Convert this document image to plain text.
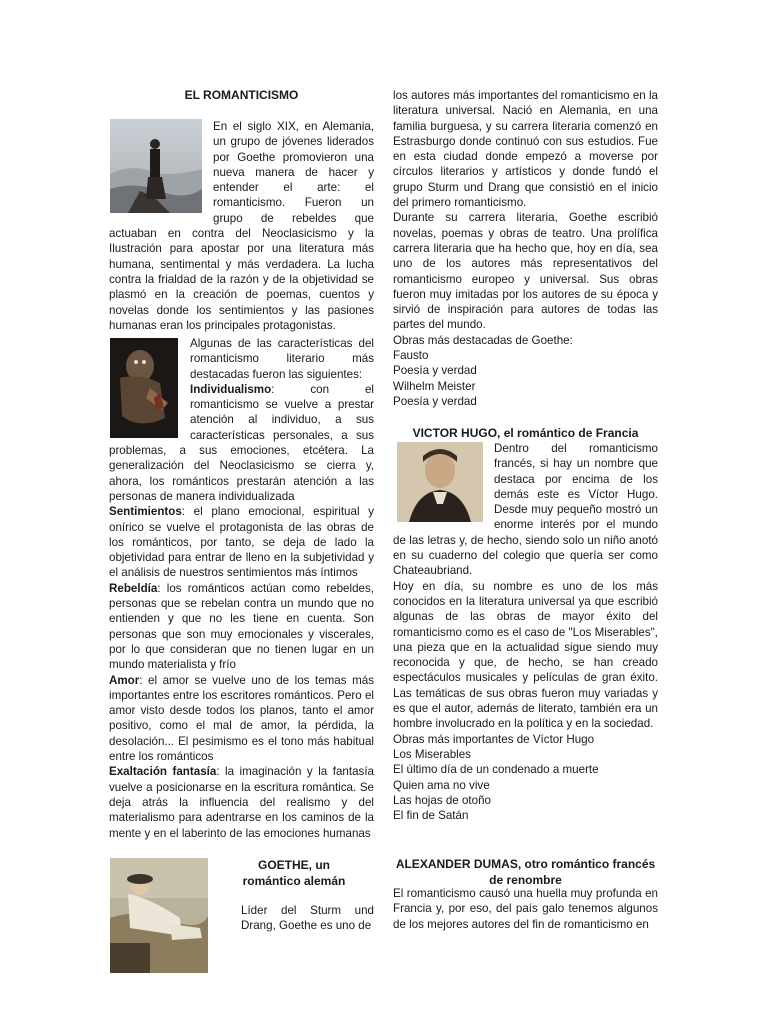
EL ROMANTICISMO

En el siglo XIX, en Alemania, un grupo de jóvenes liderados por Goethe promovieron una nueva manera de hacer y entender el arte: el romanticismo. Fueron un grupo de rebeldes que actuaban en contra del Neoclasicismo y la Ilustración para apostar por una literatura más humana, sentimental y más verdadera. La lucha contra la frialdad de la razón y de la objetividad se plasmó en la creación de poemas, cuentos y novelas donde los sentimientos y las pasiones humanas eran los principales protagonistas.

Algunas de las características del romanticismo literario más destacadas fueron las siguientes:

Individualismo: con el romanticismo se vuelve a prestar atención al individuo, a sus características personales, a sus problemas, a sus emociones, etcétera. La generalización del Neoclasicismo se cierra y, ahora, los románticos prestarán atención a las personas de manera individualizada

Sentimientos: el plano emocional, espiritual y onírico se vuelve el protagonista de las obras de los románticos, por tanto, se deja de lado la objetividad para entrar de lleno en la subjetividad y el análisis de nuestros sentimientos más íntimos

Rebeldía: los románticos actúan como rebeldes, personas que se rebelan contra un mundo que no entienden y que no les tiene en cuenta. Son personas que son muy emocionales y viscerales, por lo que consideran que no tienen lugar en un mundo materialista y frío

Amor: el amor se vuelve uno de los temas más importantes entre los escritores románticos. Pero el amor visto desde todos los planos, tanto el amor positivo, como el mal de amor, la pérdida, la desolación... El pesimismo es el tono más habitual entre los románticos

Exaltación fantasía: la imaginación y la fantasía vuelve a posicionarse en la escritura romántica. Se deja atrás la influencia del realismo y del materialismo para adentrarse en los caminos de la mente y en el laberinto de las emociones humanas

GOETHE, un romántico alemán

Líder del Sturm und Drang, Goethe es uno de

los autores más importantes del romanticismo en la literatura universal. Nació en Alemania, en una familia burguesa, y su carrera literaria comenzó en Estrasburgo donde continuó con sus estudios. Fue en esta ciudad donde empezó a moverse por círculos literarios y artísticos y donde fundó el grupo Sturm und Drang que consistió en el inicio del primero romanticismo.

Durante su carrera literaria, Goethe escribió novelas, poemas y obras de teatro. Una prolífica carrera literaria que ha hecho que, hoy en día, sea uno de los autores más representativos del romanticismo europeo y universal. Sus obras fueron muy imitadas por los autores de su época y sirvió de inspiración para autores de todas las partes del mundo.

Obras más destacadas de Goethe:

Fausto

Poesía y verdad

Wilhelm Meister

Poesía y verdad

VICTOR HUGO, el romántico de Francia

Dentro del romanticismo francés, si hay un nombre que destaca por encima de los demás este es Víctor Hugo. Desde muy pequeño mostró un enorme interés por el mundo de las letras y, de hecho, siendo solo un niño anotó en su cuaderno del colegio que quería ser como Chateaubriand.

Hoy en día, su nombre es uno de los más conocidos en la literatura universal ya que escribió algunas de las obras de mayor éxito del romanticismo como es el caso de "Los Miserables", una pieza que en la actualidad sigue siendo muy reconocida y que, de hecho, se han creado espectáculos musicales y películas de gran éxito. Las temáticas de sus obras fueron muy variadas y es que el autor, además de literato, también era un hombre involucrado en la política y en la sociedad.

Obras más importantes de Víctor Hugo

Los Miserables

El último día de un condenado a muerte

Quien ama no vive

Las hojas de otoño

El fin de Satán

ALEXANDER DUMAS, otro romántico francés de renombre

El romanticismo causó una huella muy profunda en Francia y, por eso, del país galo tenemos algunos de los mejores autores del fin de romanticismo en
